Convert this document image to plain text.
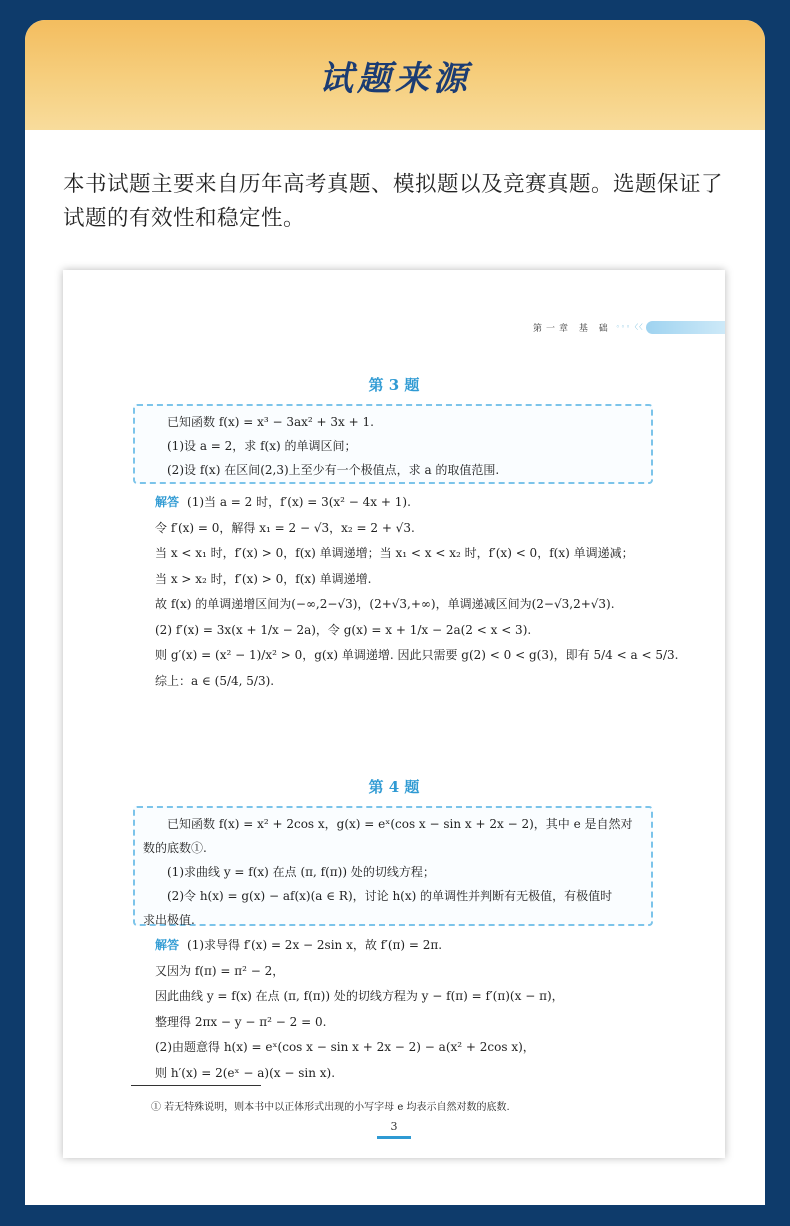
试题来源
本书试题主要来自历年高考真题、模拟题以及竞赛真题。选题保证了试题的有效性和稳定性。
第一章 基 础 ◦◦◦〈〈
第 3 题
已知函数 f(x) = x³ − 3ax² + 3x + 1.
(1)设 a = 2，求 f(x) 的单调区间；
(2)设 f(x) 在区间(2,3)上至少有一个极值点，求 a 的取值范围.
解答 (1)当 a = 2 时，f′(x) = 3(x² − 4x + 1).
令 f′(x) = 0，解得 x₁ = 2 − √3，x₂ = 2 + √3.
当 x < x₁ 时，f′(x) > 0，f(x) 单调递增；当 x₁ < x < x₂ 时，f′(x) < 0，f(x) 单调递减；
当 x > x₂ 时，f′(x) > 0，f(x) 单调递增.
故 f(x) 的单调递增区间为(−∞,2−√3)，(2+√3,+∞)，单调递减区间为(2−√3,2+√3).
(2) f′(x) = 3x(x + 1/x − 2a)，令 g(x) = x + 1/x − 2a(2 < x < 3).
则 g′(x) = (x² − 1)/x² > 0，g(x) 单调递增. 因此只需要 g(2) < 0 < g(3)，即有 5/4 < a < 5/3.
综上：a ∈ (5/4, 5/3).
第 4 题
已知函数 f(x) = x² + 2cos x，g(x) = eˣ(cos x − sin x + 2x − 2)，其中 e 是自然对
数的底数①.
(1)求曲线 y = f(x) 在点 (π, f(π)) 处的切线方程；
(2)令 h(x) = g(x) − af(x)(a ∈ R)，讨论 h(x) 的单调性并判断有无极值，有极值时
求出极值.
解答 (1)求导得 f′(x) = 2x − 2sin x，故 f′(π) = 2π.
又因为 f(π) = π² − 2，
因此曲线 y = f(x) 在点 (π, f(π)) 处的切线方程为 y − f(π) = f′(π)(x − π)，
整理得 2πx − y − π² − 2 = 0.
(2)由题意得 h(x) = eˣ(cos x − sin x + 2x − 2) − a(x² + 2cos x)，
则 h′(x) = 2(eˣ − a)(x − sin x).
① 若无特殊说明，则本书中以正体形式出现的小写字母 e 均表示自然对数的底数.
3
